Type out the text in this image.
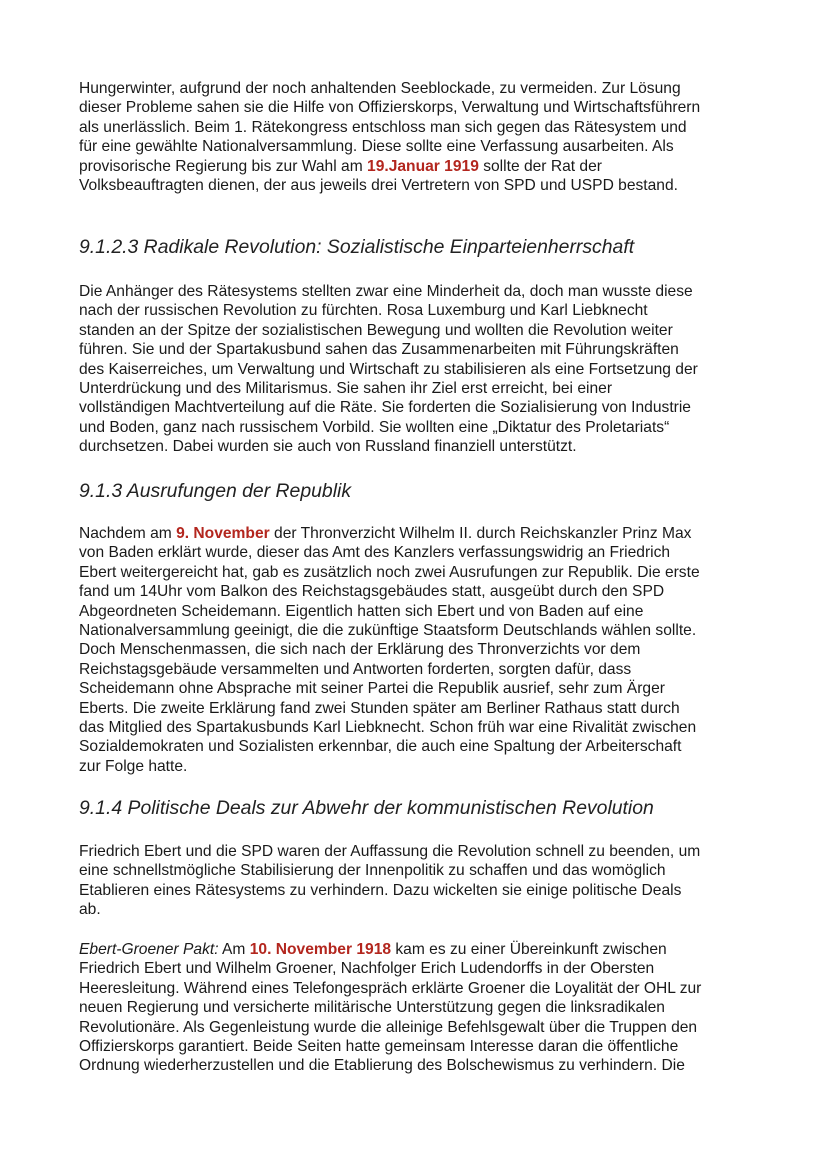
Hungerwinter, aufgrund der noch anhaltenden Seeblockade, zu vermeiden. Zur Lösung
dieser Probleme sahen sie die Hilfe von Offizierskorps, Verwaltung und Wirtschaftsführern
als unerlässlich. Beim 1. Rätekongress entschloss man sich gegen das Rätesystem und
für eine gewählte Nationalversammlung. Diese sollte eine Verfassung ausarbeiten. Als
provisorische Regierung bis zur Wahl am 19.Januar 1919 sollte der Rat der
Volksbeauftragten dienen, der aus jeweils drei Vertretern von SPD und USPD bestand.
9.1.2.3 Radikale Revolution: Sozialistische Einparteienherrschaft
Die Anhänger des Rätesystems stellten zwar eine Minderheit da, doch man wusste diese
nach der russischen Revolution zu fürchten. Rosa Luxemburg und Karl Liebknecht
standen an der Spitze der sozialistischen Bewegung und wollten die Revolution weiter
führen. Sie und der Spartakusbund sahen das Zusammenarbeiten mit Führungskräften
des Kaiserreiches, um Verwaltung und Wirtschaft zu stabilisieren als eine Fortsetzung der
Unterdrückung und des Militarismus. Sie sahen ihr Ziel erst erreicht, bei einer
vollständigen Machtverteilung auf die Räte. Sie forderten die Sozialisierung von Industrie
und Boden, ganz nach russischem Vorbild. Sie wollten eine „Diktatur des Proletariats“
durchsetzen. Dabei wurden sie auch von Russland finanziell unterstützt.
9.1.3 Ausrufungen der Republik
Nachdem am 9. November der Thronverzicht Wilhelm II. durch Reichskanzler Prinz Max
von Baden erklärt wurde, dieser das Amt des Kanzlers verfassungswidrig an Friedrich
Ebert weitergereicht hat, gab es zusätzlich noch zwei Ausrufungen zur Republik. Die erste
fand um 14Uhr vom Balkon des Reichstagsgebäudes statt, ausgeübt durch den SPD
Abgeordneten Scheidemann. Eigentlich hatten sich Ebert und von Baden auf eine
Nationalversammlung geeinigt, die die zukünftige Staatsform Deutschlands wählen sollte.
Doch Menschenmassen, die sich nach der Erklärung des Thronverzichts vor dem
Reichstagsgebäude versammelten und Antworten forderten, sorgten dafür, dass
Scheidemann ohne Absprache mit seiner Partei die Republik ausrief, sehr zum Ärger
Eberts. Die zweite Erklärung fand zwei Stunden später am Berliner Rathaus statt durch
das Mitglied des Spartakusbunds Karl Liebknecht. Schon früh war eine Rivalität zwischen
Sozialdemokraten und Sozialisten erkennbar, die auch eine Spaltung der Arbeiterschaft
zur Folge hatte.
9.1.4 Politische Deals zur Abwehr der kommunistischen Revolution
Friedrich Ebert und die SPD waren der Auffassung die Revolution schnell zu beenden, um
eine schnellstmögliche Stabilisierung der Innenpolitik zu schaffen und das womöglich
Etablieren eines Rätesystems zu verhindern. Dazu wickelten sie einige politische Deals
ab.
Ebert-Groener Pakt: Am 10. November 1918 kam es zu einer Übereinkunft zwischen
Friedrich Ebert und Wilhelm Groener, Nachfolger Erich Ludendorffs in der Obersten
Heeresleitung. Während eines Telefongespräch erklärte Groener die Loyalität der OHL zur
neuen Regierung und versicherte militärische Unterstützung gegen die linksradikalen
Revolutionäre. Als Gegenleistung wurde die alleinige Befehlsgewalt über die Truppen den
Offizierskorps garantiert. Beide Seiten hatte gemeinsam Interesse daran die öffentliche
Ordnung wiederherzustellen und die Etablierung des Bolschewismus zu verhindern. Die
